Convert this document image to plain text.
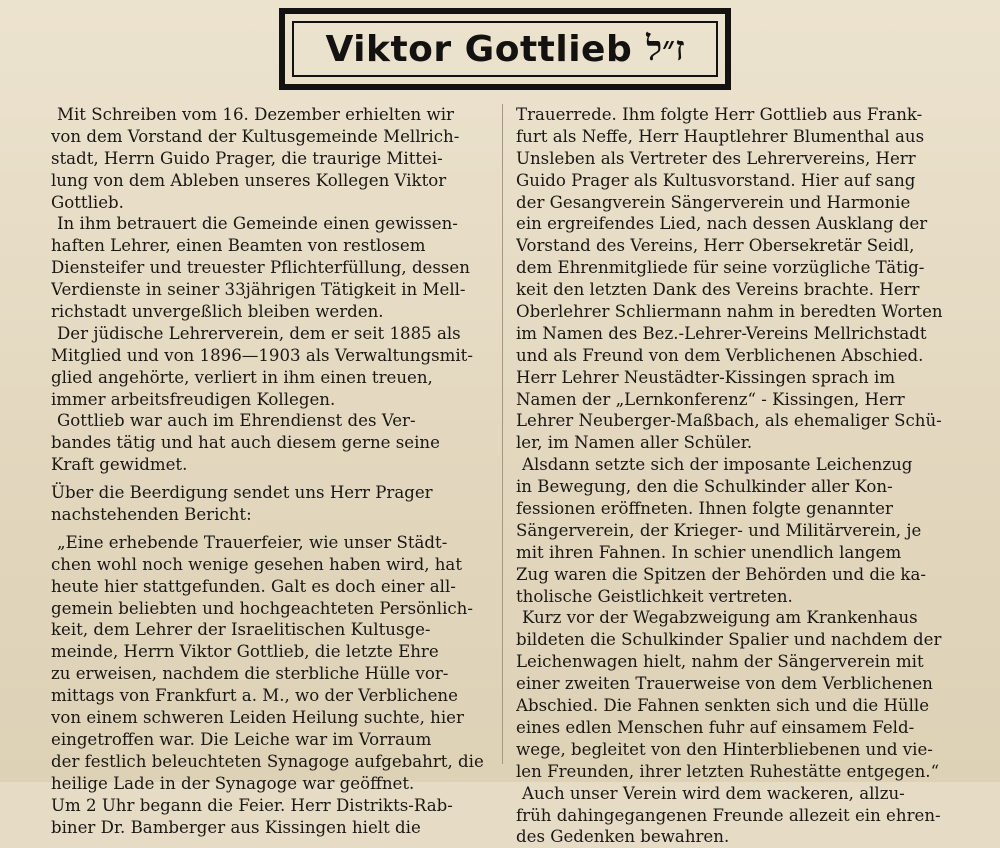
Viktor Gottlieb ז״ל
Mit Schreiben vom 16. Dezember erhielten wir
von dem Vorstand der Kultusgemeinde Mellrich-
stadt, Herrn Guido Prager, die traurige Mittei-
lung von dem Ableben unseres Kollegen Viktor
Gottlieb.
In ihm betrauert die Gemeinde einen gewissen-
haften Lehrer, einen Beamten von restlosem
Diensteifer und treuester Pflichterfüllung, dessen
Verdienste in seiner 33jährigen Tätigkeit in Mell-
richstadt unvergeßlich bleiben werden.
Der jüdische Lehrerverein, dem er seit 1885 als
Mitglied und von 1896—1903 als Verwaltungsmit-
glied angehörte, verliert in ihm einen treuen,
immer arbeitsfreudigen Kollegen.
Gottlieb war auch im Ehrendienst des Ver-
bandes tätig und hat auch diesem gerne seine
Kraft gewidmet.
Über die Beerdigung sendet uns Herr Prager
nachstehenden Bericht:
„Eine erhebende Trauerfeier, wie unser Städt-
chen wohl noch wenige gesehen haben wird, hat
heute hier stattgefunden. Galt es doch einer all-
gemein beliebten und hochgeachteten Persönlich-
keit, dem Lehrer der Israelitischen Kultusge-
meinde, Herrn Viktor Gottlieb, die letzte Ehre
zu erweisen, nachdem die sterbliche Hülle vor-
mittags von Frankfurt a. M., wo der Verblichene
von einem schweren Leiden Heilung suchte, hier
eingetroffen war. Die Leiche war im Vorraum
der festlich beleuchteten Synagoge aufgebahrt, die
heilige Lade in der Synagoge war geöffnet.
Um 2 Uhr begann die Feier. Herr Distrikts-Rab-
biner Dr. Bamberger aus Kissingen hielt die
Trauerrede. Ihm folgte Herr Gottlieb aus Frank-
furt als Neffe, Herr Hauptlehrer Blumenthal aus
Unsleben als Vertreter des Lehrervereins, Herr
Guido Prager als Kultusvorstand. Hier auf sang
der Gesangverein Sängerverein und Harmonie
ein ergreifendes Lied, nach dessen Ausklang der
Vorstand des Vereins, Herr Obersekretär Seidl,
dem Ehrenmitgliede für seine vorzügliche Tätig-
keit den letzten Dank des Vereins brachte. Herr
Oberlehrer Schliermann nahm in beredten Worten
im Namen des Bez.-Lehrer-Vereins Mellrichstadt
und als Freund von dem Verblichenen Abschied.
Herr Lehrer Neustädter-Kissingen sprach im
Namen der „Lernkonferenz“ - Kissingen, Herr
Lehrer Neuberger-Maßbach, als ehemaliger Schü-
ler, im Namen aller Schüler.
Alsdann setzte sich der imposante Leichenzug
in Bewegung, den die Schulkinder aller Kon-
fessionen eröffneten. Ihnen folgte genannter
Sängerverein, der Krieger- und Militärverein, je
mit ihren Fahnen. In schier unendlich langem
Zug waren die Spitzen der Behörden und die ka-
tholische Geistlichkeit vertreten.
Kurz vor der Wegabzweigung am Krankenhaus
bildeten die Schulkinder Spalier und nachdem der
Leichenwagen hielt, nahm der Sängerverein mit
einer zweiten Trauerweise von dem Verblichenen
Abschied. Die Fahnen senkten sich und die Hülle
eines edlen Menschen fuhr auf einsamem Feld-
wege, begleitet von den Hinterbliebenen und vie-
len Freunden, ihrer letzten Ruhestätte entgegen.“
Auch unser Verein wird dem wackeren, allzu-
früh dahingegangenen Freunde allezeit ein ehren-
des Gedenken bewahren.
